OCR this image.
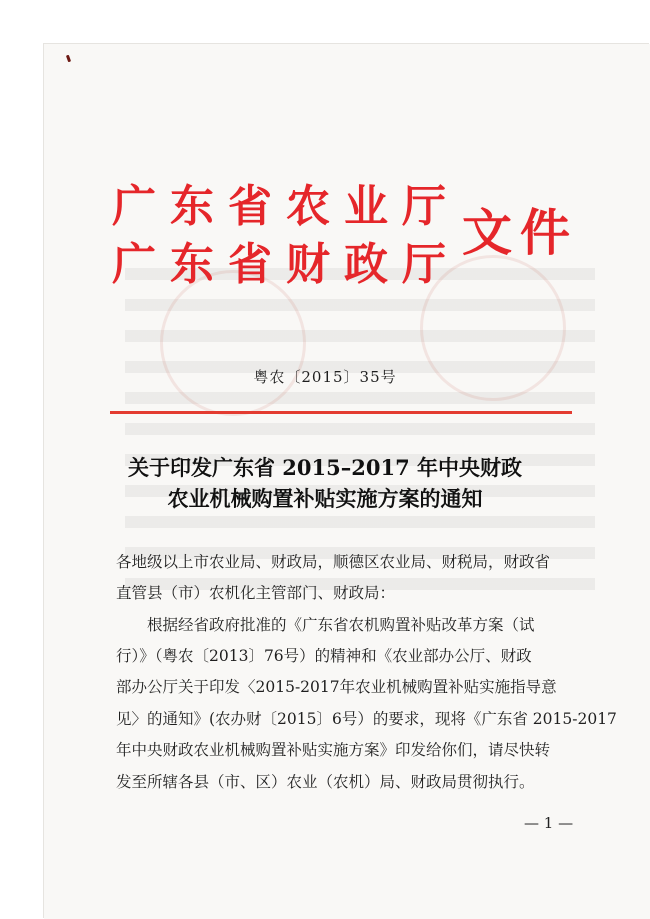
广东省农业厅
广东省财政厅
文件
粤农〔2015〕35号
关于印发广东省 2015–2017 年中央财政
农业机械购置补贴实施方案的通知
各地级以上市农业局、财政局，顺德区农业局、财税局，财政省
直管县（市）农机化主管部门、财政局：
根据经省政府批准的《广东省农机购置补贴改革方案（试
行）》（粤农〔2013〕76号）的精神和《农业部办公厅、财政
部办公厅关于印发〈2015-2017年农业机械购置补贴实施指导意
见〉的通知》(农办财〔2015〕6号）的要求，现将《广东省 2015-2017
年中央财政农业机械购置补贴实施方案》印发给你们，请尽快转
发至所辖各县（市、区）农业（农机）局、财政局贯彻执行。
— 1 —
